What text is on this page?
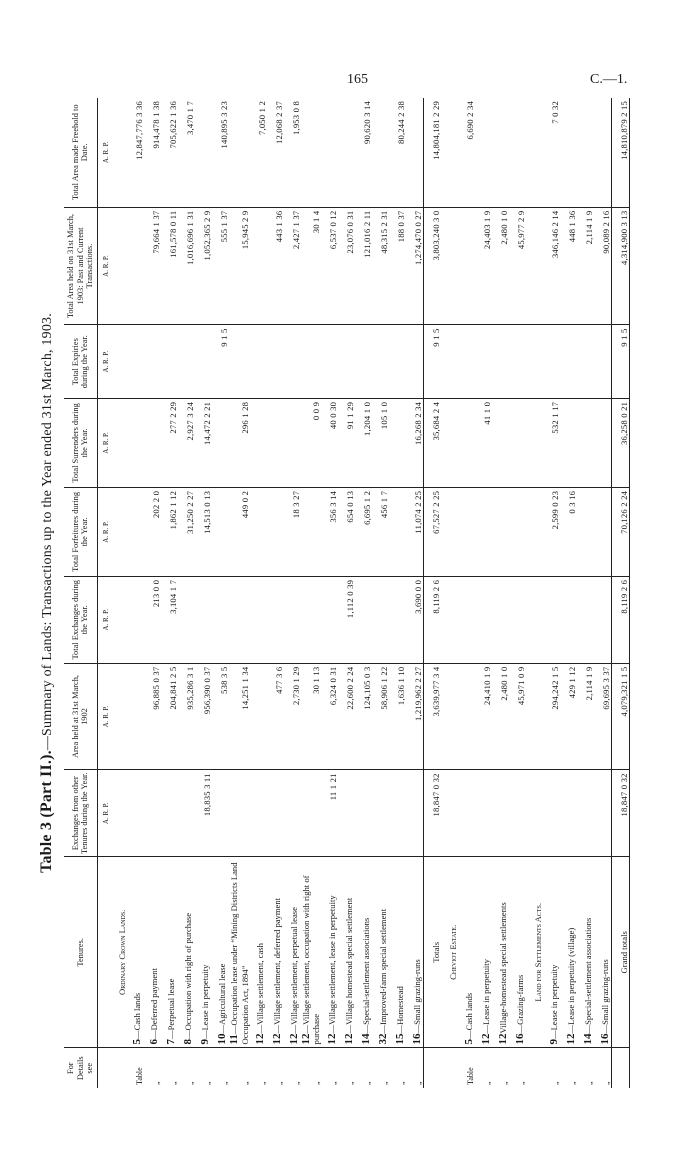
165	C.—1.
Table 3 (Part II.).—Summary of Lands: Transactions up to the Year ended 31st March, 1903.
For Details see	Tenures.	Exchanges from other Tenures during the Year.	Area held at 31st March, 1902	Total Exchanges during the Year.	Total Forfeitures during the Year.	Total Surrenders during the Year.	Total Expiries during the Year.	Total Area held on 31st March, 1903: Past and Current Transactions.	Total Area made Freehold to Date.
		A. R. P.	A. R. P.	A. R. P.	A. R. P.	A. R. P.	A. R. P.	A. R. P.	A. R. P.
	Ordinary Crown Lands.								
Table	5—Cash lands								12,847,776 3 36
„	6—Deferred payment		96,885 0 37	213 0 0	202 2 0			79,664 1 37	914,478 1 38
„	7—Perpetual lease		204,841 2 5	3,104 1 7	1,862 1 12	277 2 29		161,578 0 11	705,622 1 36
„	8—Occupation with right of purchase		935,286 3 1		31,250 2 27	2,927 3 24		1,016,696 1 31	3,470 1 7
„	9—Lease in perpetuity	18,835 3 11	956,390 0 37		14,513 0 13	14,472 2 21		1,052,365 2 9	
„	10—Agricultural lease		538 3 5				9 1 5	555 1 37	140,895 3 23
„	11—Occupation lease under “Mining Districts Land Occupation Act, 1894”		14,251 1 34		449 0 2	296 1 28		15,945 2 9	
„	12—Village settlement, cash								7,050 1 2
„	12—Village settlement, deferred payment		477 3 6					443 1 36	12,068 2 37
„	12—Village settlement, perpetual lease		2,730 1 29		18 3 27			2,427 1 37	1,953 0 8
„	12—Village settlement, occupation with right of purchase		30 1 13			0 0 9		30 1 4	
„	12—Village settlement, lease in perpetuity	11 1 21	6,324 0 31		356 3 14	40 0 30		6,537 0 12	
„	12—Village homestead special settlement		22,600 2 24	1,112 0 39	654 0 13	91 1 29		23,076 0 31	
„	14—Special-settlement associations		124,105 0 3		6,695 1 2	1,204 1 0		121,016 2 11	90,620 3 14
„	32—Improved-farm special settlement		58,906 1 22		456 1 7	105 1 0		48,315 2 31	
„	15—Homestead		1,636 1 10					188 0 37	80,244 2 38
„	16—Small grazing-runs		1,219,962 2 27	3,690 0 0	11,074 2 25	16,268 2 34		1,274,470 0 27	
	Totals	18,847 0 32	3,639,977 3 4	8,119 2 6	67,527 2 25	35,684 2 4	9 1 5	3,803,240 3 0	14,804,181 2 29
	Cheviot Estate.								
Table	5—Cash lands								6,690 2 34
„	12—Lease in perpetuity		24,410 1 9			41 1 0		24,403 1 9	
„	12Village-homestead special settlements		2,480 1 0					2,480 1 0	
„	16—Grazing-farms		45,971 0 9					45,977 2 9	
	Land for Settlements Acts.								
„	9—Lease in perpetuity		294,242 1 5		2,599 0 23	532 1 17		346,146 2 14	7 0 32
„	12—Lease in perpetuity (village)		429 1 12		0 3 16			448 1 36	
„	14—Special-settlement associations		2,114 1 9					2,114 1 9	
„	16—Small grazing-runs		69,695 3 37					90,089 2 16	
	Grand totals	18,847 0 32	4,079,321 1 5	8,119 2 6	70,126 2 24	36,258 0 21	9 1 5	4,314,900 3 13	14,810,879 2 15
